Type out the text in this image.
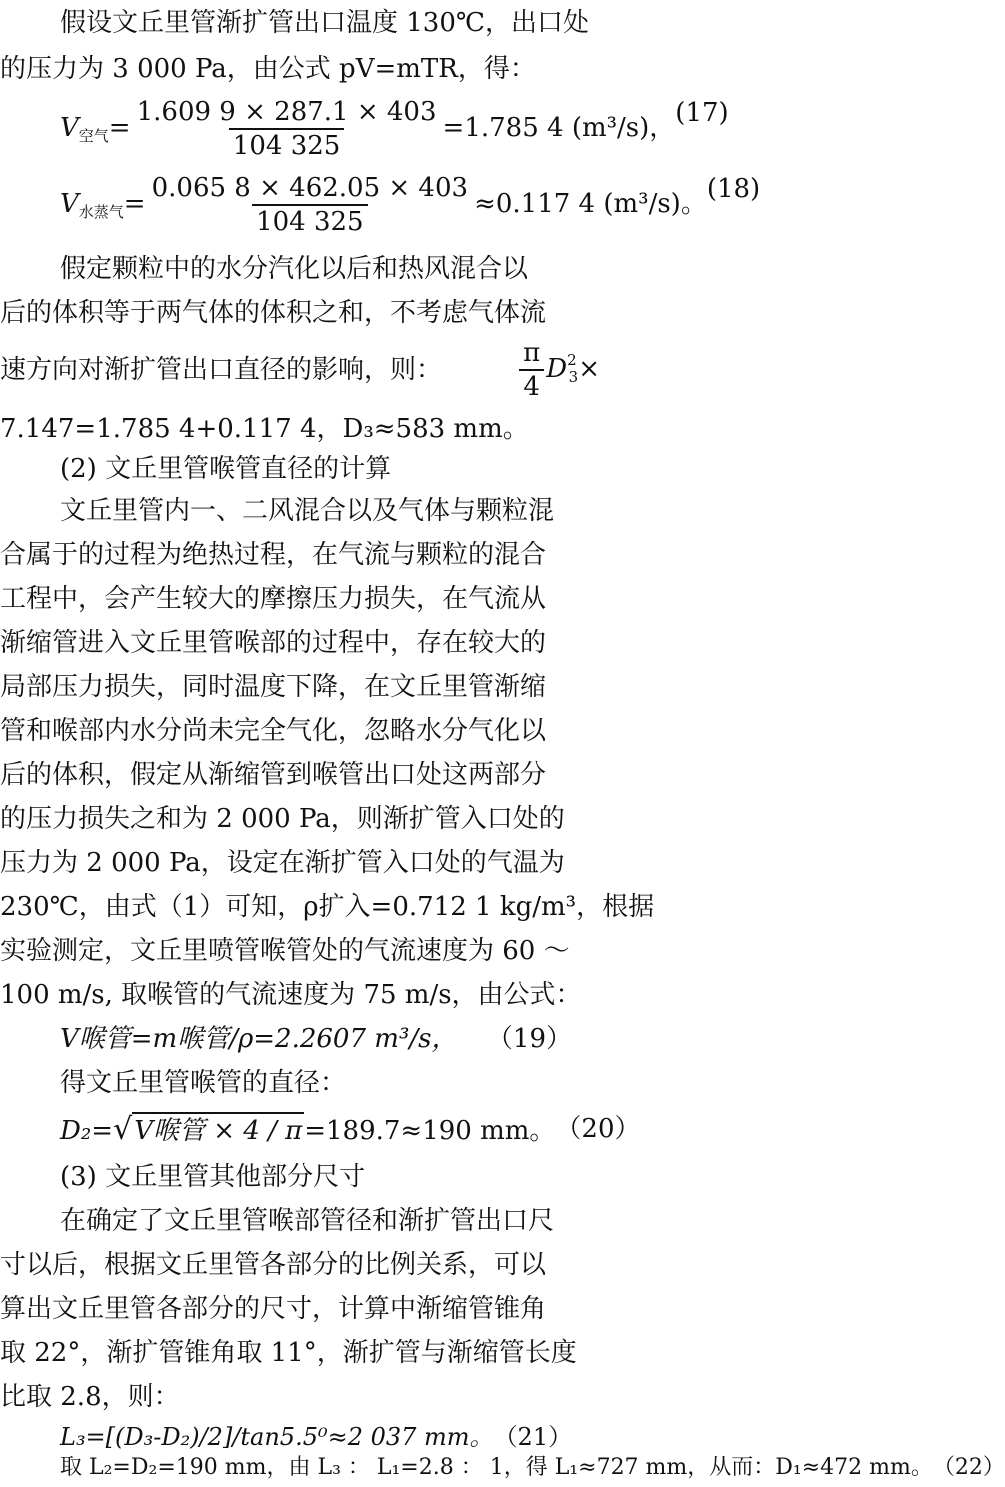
假设文丘里管渐扩管出口温度 130℃，出口处
的压力为 3 000 Pa，由公式 pV=mTR，得：
$V_{空气}= \frac{1.609 9 \times 287.1 \times 403}{104 325} =1.785$ 4 (m³/s)， (17)
$V_{水蒸气}= \frac{0.065 8 \times 462.05 \times 403}{104 325} \approx 0.117$ 4 (m³/s)。 (18)
假定颗粒中的水分汽化以后和热风混合以
后的体积等于两气体的体积之和，不考虑气体流
速方向对渐扩管出口直径的影响，则：	$\frac{\pi}{4} D^2_3\times$
7.147=1.785 4+0.117 4，D₃≈583 mm。
(2) 文丘里管喉管直径的计算
文丘里管内一、二风混合以及气体与颗粒混
合属于的过程为绝热过程，在气流与颗粒的混合
工程中，会产生较大的摩擦压力损失，在气流从
渐缩管进入文丘里管喉部的过程中，存在较大的
局部压力损失，同时温度下降，在文丘里管渐缩
管和喉部内水分尚未完全气化，忽略水分气化以
后的体积，假定从渐缩管到喉管出口处这两部分
的压力损失之和为 2 000 Pa，则渐扩管入口处的
压力为 2 000 Pa，设定在渐扩管入口处的气温为
230℃，由式（1）可知，ρ扩入=0.712 1 kg/m³，根据
实验测定，文丘里喷管喉管处的气流速度为 60 ～
100 m/s, 取喉管的气流速度为 75 m/s，由公式：
V喉管=m喉管/ρ=2.2607 m³/s， （19）
得文丘里管喉管的直径：
D₂=√V喉管 × 4 / π=189.7≈190 mm。 （20）
(3) 文丘里管其他部分尺寸
在确定了文丘里管喉部管径和渐扩管出口尺
寸以后，根据文丘里管各部分的比例关系，可以
算出文丘里管各部分的尺寸，计算中渐缩管锥角
取 22°，渐扩管锥角取 11°，渐扩管与渐缩管长度
比取 2.8，则：
L₃=[(D₃-D₂)/2]/tan5.5⁰≈2 037 mm。 （21）
取 L₂=D₂=190 mm， 由 L₃ ： L₁=2.8 ： 1，得 L₁≈727 mm，从而： D₁≈472 mm。 （22）
